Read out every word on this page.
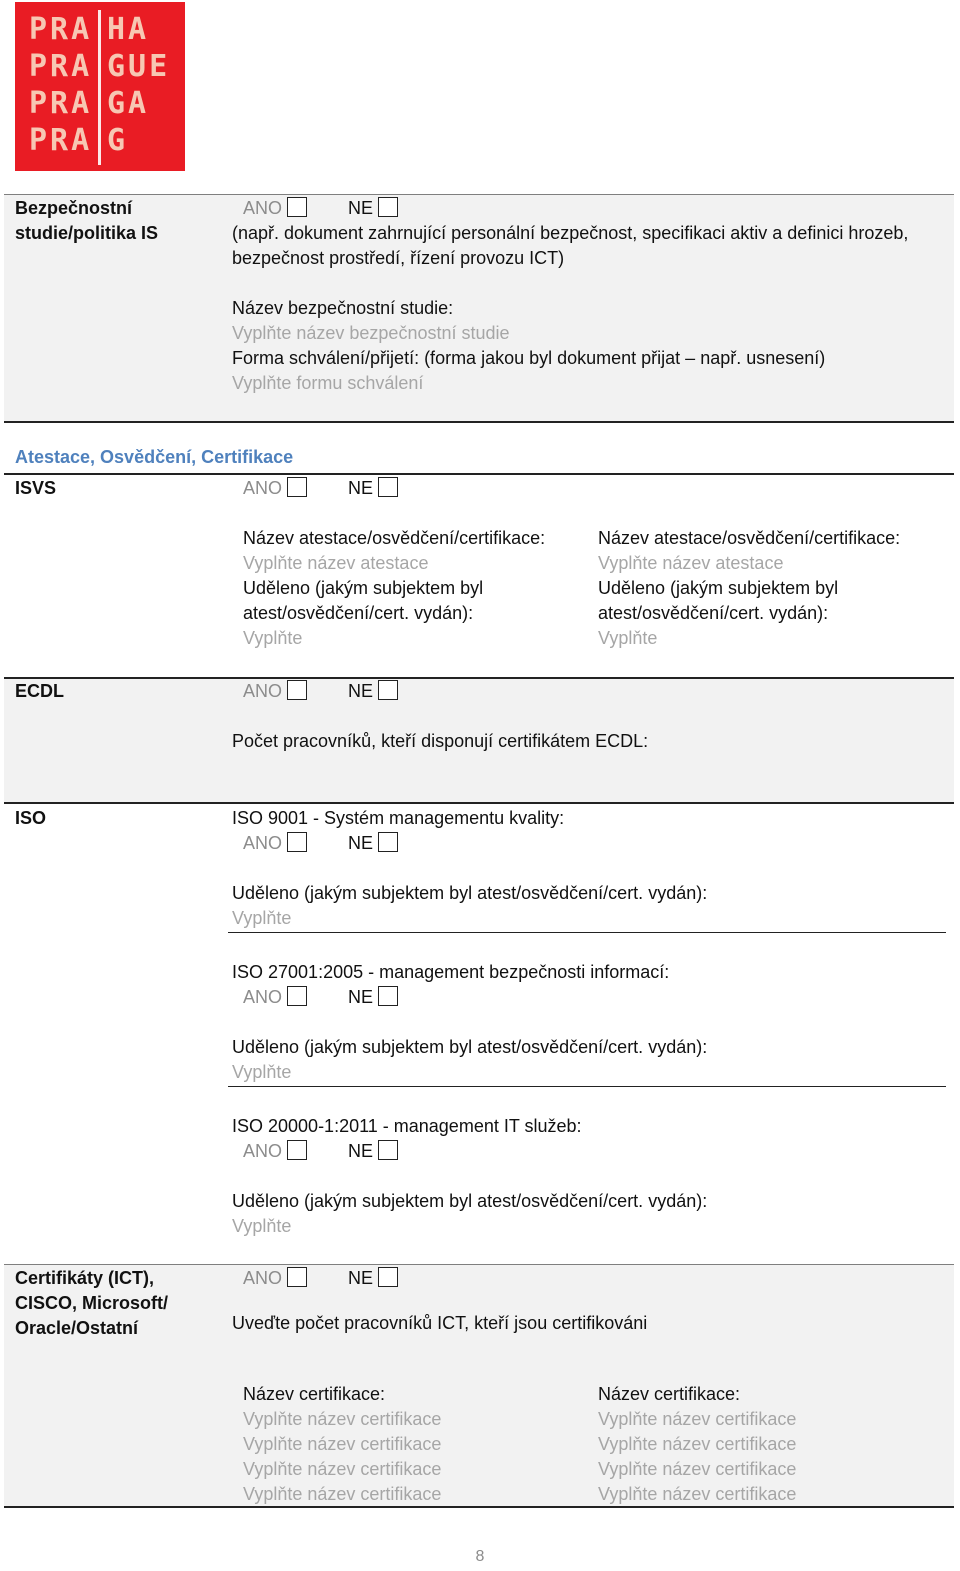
PRA HA
PRA GUE
PRA GA
PRA G
Bezpečnostní
studie/politika IS
ANO	NE
(např. dokument zahrnující personální bezpečnost, specifikaci aktiv a definici hrozeb,
bezpečnost prostředí, řízení provozu ICT)
Název bezpečnostní studie:
Vyplňte název bezpečnostní studie
Forma schválení/přijetí: (forma jakou byl dokument přijat – např. usnesení)
Vyplňte formu schválení
Atestace, Osvědčení, Certifikace
ISVS	ANO	NE
Název atestace/osvědčení/certifikace:
Vyplňte název atestace
Uděleno (jakým subjektem byl
atest/osvědčení/cert. vydán):
Vyplňte
Název atestace/osvědčení/certifikace:
Vyplňte název atestace
Uděleno (jakým subjektem byl
atest/osvědčení/cert. vydán):
Vyplňte
ECDL	ANO	NE
Počet pracovníků, kteří disponují certifikátem ECDL:
ISO	ISO 9001 - Systém managementu kvality:
ANO	NE
Uděleno (jakým subjektem byl atest/osvědčení/cert. vydán):
Vyplňte
ISO 27001:2005 - management bezpečnosti informací:
ANO	NE
Uděleno (jakým subjektem byl atest/osvědčení/cert. vydán):
Vyplňte
ISO 20000-1:2011 - management IT služeb:
ANO	NE
Uděleno (jakým subjektem byl atest/osvědčení/cert. vydán):
Vyplňte
Certifikáty (ICT),
CISCO, Microsoft/
Oracle/Ostatní
ANO	NE
Uveďte počet pracovníků ICT, kteří jsou certifikováni
Název certifikace:
Vyplňte název certifikace
Vyplňte název certifikace
Vyplňte název certifikace
Vyplňte název certifikace
Název certifikace:
Vyplňte název certifikace
Vyplňte název certifikace
Vyplňte název certifikace
Vyplňte název certifikace
8
